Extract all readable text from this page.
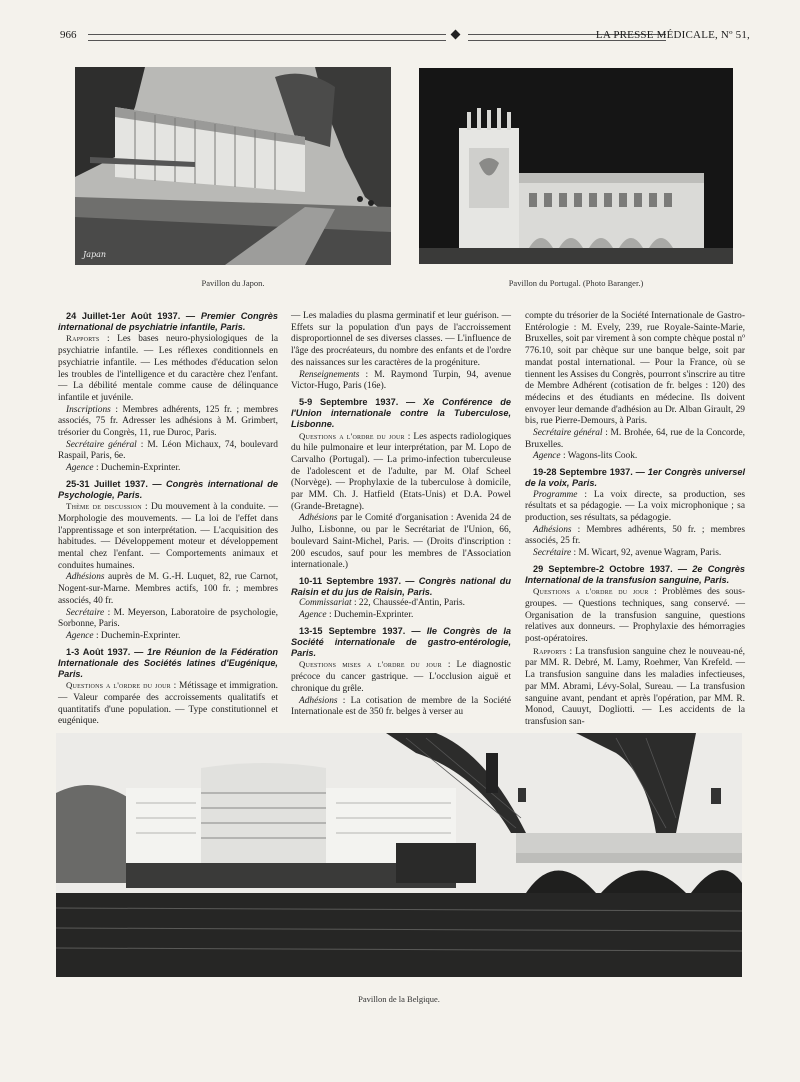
966	LA PRESSE MÉDICALE, Nº 51,
Japan
Pavillon du Japon.	Pavillon du Portugal. (Photo Baranger.)
24 Juillet-1er Août 1937. — Premier Congrès international de psychiatrie infantile, Paris.

Rapports : Les bases neuro-physiologiques de la psychiatrie infantile. — Les réflexes conditionnels en psychiatrie infantile. — Les méthodes d'éducation selon les troubles de l'intelligence et du caractère chez l'enfant. — La débilité mentale comme cause de délinquance infantile et juvénile.

Inscriptions : Membres adhérents, 125 fr. ; membres associés, 75 fr. Adresser les adhésions à M. Grimbert, trésorier du Congrès, 11, rue Duroc, Paris.

Secrétaire général : M. Léon Michaux, 74, boulevard Raspail, Paris, 6e.

Agence : Duchemin-Exprinter.

25-31 Juillet 1937. — Congrès international de Psychologie, Paris.

Thème de discussion : Du mouvement à la conduite. — Morphologie des mouvements. — La loi de l'effet dans l'apprentissage et son interprétation. — L'acquisition des habitudes. — Développement moteur et développement mental chez l'enfant. — Comportements animaux et conduites humaines.

Adhésions auprès de M. G.-H. Luquet, 82, rue Carnot, Nogent-sur-Marne. Membres actifs, 100 fr. ; membres associés, 40 fr.

Secrétaire : M. Meyerson, Laboratoire de psychologie, Sorbonne, Paris.

Agence : Duchemin-Exprinter.

1-3 Août 1937. — 1re Réunion de la Fédération Internationale des Sociétés latines d'Eugénique, Paris.

Questions a l'ordre du jour : Métissage et immigration. — Valeur comparée des accroissements qualitatifs et quantitatifs d'une population. — Type constitutionnel et eugénique.

— Les maladies du plasma germinatif et leur guérison. — Effets sur la population d'un pays de l'accroissement disproportionnel de ses diverses classes. — L'influence de l'âge des procréateurs, du nombre des enfants et de l'ordre des naissances sur les caractères de la progéniture.

Renseignements : M. Raymond Turpin, 94, avenue Victor-Hugo, Paris (16e).

5-9 Septembre 1937. — Xe Conférence de l'Union internationale contre la Tuberculose, Lisbonne.

Questions a l'ordre du jour : Les aspects radiologiques du hile pulmonaire et leur interprétation, par M. Lopo de Carvalho (Portugal). — La primo-infection tuberculeuse de l'adolescent et de l'adulte, par M. Olaf Scheel (Norvège). — Prophylaxie de la tuberculose à domicile, par MM. Ch. J. Hatfield (Etats-Unis) et D.A. Powel (Grande-Bretagne).

Adhésions par le Comité d'organisation : Avenida 24 de Julho, Lisbonne, ou par le Secrétariat de l'Union, 66, boulevard Saint-Michel, Paris. — (Droits d'inscription : 200 escudos, sauf pour les membres de l'Association internationale.)

10-11 Septembre 1937. — Congrès national du Raisin et du jus de Raisin, Paris.

Commissariat : 22, Chaussée-d'Antin, Paris.

Agence : Duchemin-Exprinter.

13-15 Septembre 1937. — IIe Congrès de la Société internationale de gastro-entérologie, Paris.

Questions mises a l'ordre du jour : Le diagnostic précoce du cancer gastrique. — L'occlusion aiguë et chronique du grêle.

Adhésions : La cotisation de membre de la Société Internationale est de 350 fr. belges à verser au

compte du trésorier de la Société Internationale de Gastro-Entérologie : M. Evely, 239, rue Royale-Sainte-Marie, Bruxelles, soit par virement à son compte chèque postal nº 776.10, soit par chèque sur une banque belge, soit par mandat postal international. — Pour la France, où se tiennent les Assises du Congrès, pourront s'inscrire au titre de Membre Adhérent (cotisation de fr. belges : 120) des médecins et des étudiants en médecine. Ils doivent envoyer leur demande d'adhésion au Dr. Alban Girault, 29 bis, rue Pierre-Demours, à Paris.

Secrétaire général : M. Brohée, 64, rue de la Concorde, Bruxelles.

Agence : Wagons-lits Cook.

19-28 Septembre 1937. — 1er Congrès universel de la voix, Paris.

Programme : La voix directe, sa production, ses résultats et sa pédagogie. — La voix microphonique ; sa production, ses résultats, sa pédagogie.

Adhésions : Membres adhérents, 50 fr. ; membres associés, 25 fr.

Secrétaire : M. Wicart, 92, avenue Wagram, Paris.

29 Septembre-2 Octobre 1937. — 2e Congrès International de la transfusion sanguine, Paris.

Questions a l'ordre du jour : Problèmes des sous-groupes. — Questions techniques, sang conservé. — Organisation de la transfusion sanguine, questions relatives aux donneurs. — Prophylaxie des hémorragies post-opératoires.

Rapports : La transfusion sanguine chez le nouveau-né, par MM. R. Debré, M. Lamy, Roehmer, Van Krefeld. — La transfusion sanguine dans les maladies infectieuses, par MM. Abrami, Lévy-Solal, Sureau. — La transfusion sanguine avant, pendant et après l'opération, par MM. R. Monod, Cauuyt, Dogliotti. — Les accidents de la transfusion san-

Pavillon de la Belgique.
